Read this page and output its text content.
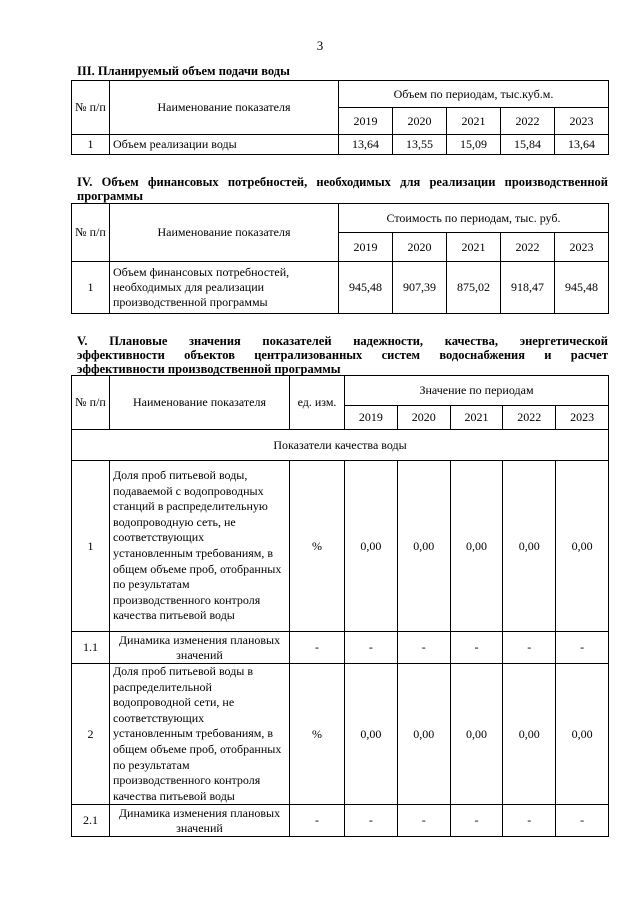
3
III. Планируемый объем подачи воды
№ п/п	Наименование показателя	Объем по периодам, тыс.куб.м.				
		2019	2020	2021	2022	2023
1	Объем реализации воды	13,64	13,55	15,09	15,84	13,64
IV. Объем финансовых потребностей, необходимых для реализации производственной
программы
№ п/п	Наименование показателя	Стоимость по периодам, тыс. руб.				
		2019	2020	2021	2022	2023
1	Объем финансовых потребностей, необходимых для реализации производственной программы	945,48	907,39	875,02	918,47	945,48
V. Плановые значения показателей надежности, качества, энергетической
эффективности объектов централизованных систем водоснабжения и расчет
эффективности производственной программы
№ п/п	Наименование показателя	ед. изм.	Значение по периодам				
			2019	2020	2021	2022	2023
Показатели качества воды							
1	Доля проб питьевой воды, подаваемой с водопроводных станций в распределительную водопроводную сеть, не соответствующих установленным требованиям, в общем объеме проб, отобранных по результатам производственного контроля качества питьевой воды	%	0,00	0,00	0,00	0,00	0,00
1.1	Динамика изменения плановых значений	-	-	-	-	-	-
2	Доля проб питьевой воды в распределительной водопроводной сети, не соответствующих установленным требованиям, в общем объеме проб, отобранных по результатам производственного контроля качества питьевой воды	%	0,00	0,00	0,00	0,00	0,00
2.1	Динамика изменения плановых значений	-	-	-	-	-	-
